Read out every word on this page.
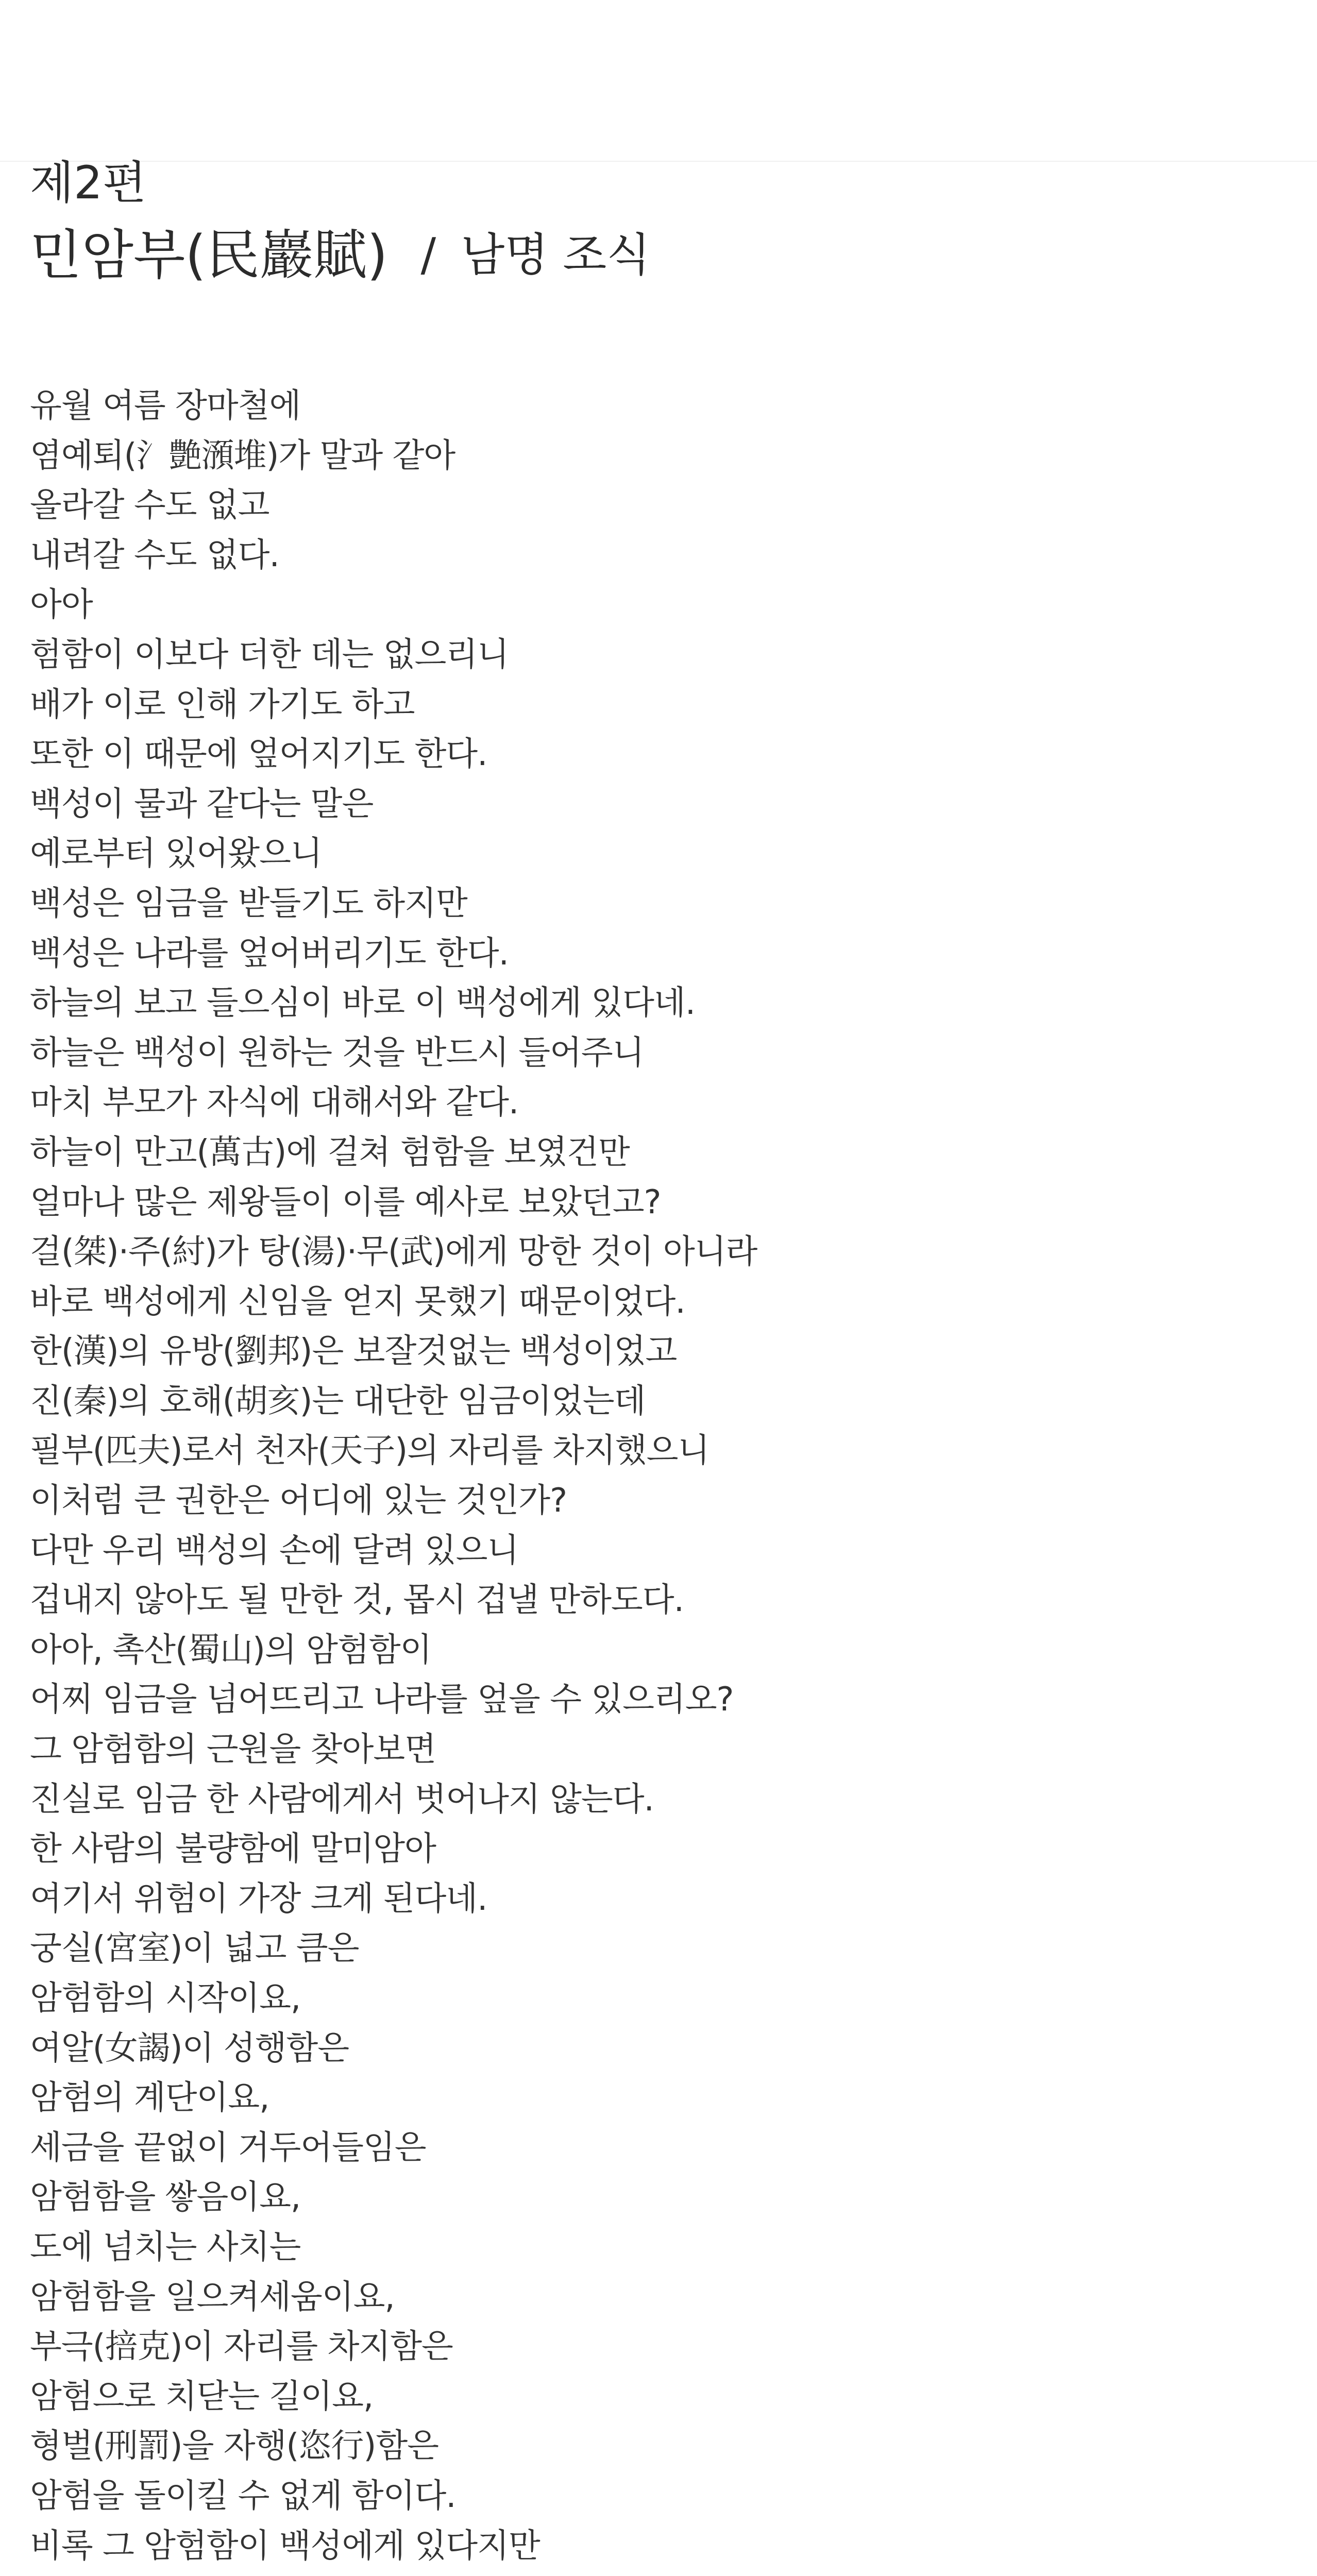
제2편
민암부(民巖賦) / 남명 조식
유월 여름 장마철에
염예퇴(氵艶澦堆)가 말과 같아
올라갈 수도 없고
내려갈 수도 없다.
아아
험함이 이보다 더한 데는 없으리니
배가 이로 인해 가기도 하고
또한 이 때문에 엎어지기도 한다.
백성이 물과 같다는 말은
예로부터 있어왔으니
백성은 임금을 받들기도 하지만
백성은 나라를 엎어버리기도 한다.
하늘의 보고 들으심이 바로 이 백성에게 있다네.
하늘은 백성이 원하는 것을 반드시 들어주니
마치 부모가 자식에 대해서와 같다.
하늘이 만고(萬古)에 걸쳐 험함을 보였건만
얼마나 많은 제왕들이 이를 예사로 보았던고?
걸(桀)·주(紂)가 탕(湯)·무(武)에게 망한 것이 아니라
바로 백성에게 신임을 얻지 못했기 때문이었다.
한(漢)의 유방(劉邦)은 보잘것없는 백성이었고
진(秦)의 호해(胡亥)는 대단한 임금이었는데
필부(匹夫)로서 천자(天子)의 자리를 차지했으니
이처럼 큰 권한은 어디에 있는 것인가?
다만 우리 백성의 손에 달려 있으니
겁내지 않아도 될 만한 것, 몹시 겁낼 만하도다.
아아, 촉산(蜀山)의 암험함이
어찌 임금을 넘어뜨리고 나라를 엎을 수 있으리오?
그 암험함의 근원을 찾아보면
진실로 임금 한 사람에게서 벗어나지 않는다.
한 사람의 불량함에 말미암아
여기서 위험이 가장 크게 된다네.
궁실(宮室)이 넓고 큼은
암험함의 시작이요,
여알(女謁)이 성행함은
암험의 계단이요,
세금을 끝없이 거두어들임은
암험함을 쌓음이요,
도에 넘치는 사치는
암험함을 일으켜세움이요,
부극(掊克)이 자리를 차지함은
암험으로 치닫는 길이요,
형벌(刑罰)을 자행(恣行)함은
암험을 돌이킬 수 없게 함이다.
비록 그 암험함이 백성에게 있다지만
